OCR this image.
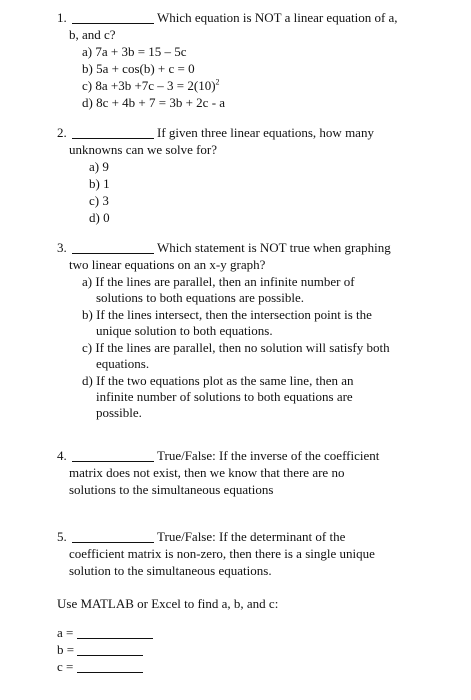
1.	Which equation is NOT a linear equation of a,
b, and c?
a) 7a + 3b = 15 – 5c
b) 5a + cos(b) + c = 0
c) $8a +3b +7c - 3 = 2(10)^2$
d) 8c + 4b + 7 = 3b + 2c - a
2.	If given three linear equations, how many
unknowns can we solve for?
a) 9
b) 1
c) 3
d) 0
3.	Which statement is NOT true when graphing
two linear equations on an x-y graph?
a) If the lines are parallel, then an infinite number of
solutions to both equations are possible.
b) If the lines intersect, then the intersection point is the
unique solution to both equations.
c) If the lines are parallel, then no solution will satisfy both
equations.
d) If the two equations plot as the same line, then an
infinite number of solutions to both equations are
possible.
4.	True/False: If the inverse of the coefficient
matrix does not exist, then we know that there are no
solutions to the simultaneous equations
5.	True/False: If the determinant of the
coefficient matrix is non-zero, then there is a single unique
solution to the simultaneous equations.
Use MATLAB or Excel to find a, b, and c:
a =
b =
c =
